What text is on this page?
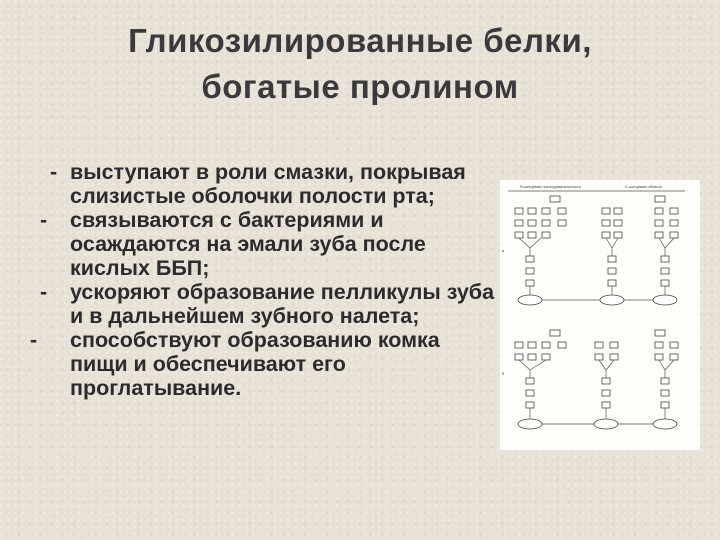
Гликозилированные белки,
богатые пролином

- выступают в роли смазки, покрывая слизистые оболочки полости рта;

- связываются с бактериями и осаждаются на эмали зуба после кислых ББП;

- ускоряют образование пелликулы зуба и в дальнейшем зубного налета;

- способствуют образованию комка пищи и обеспечивают его проглатывание.

N-концевая последовательность	С-концевая область
а
б
